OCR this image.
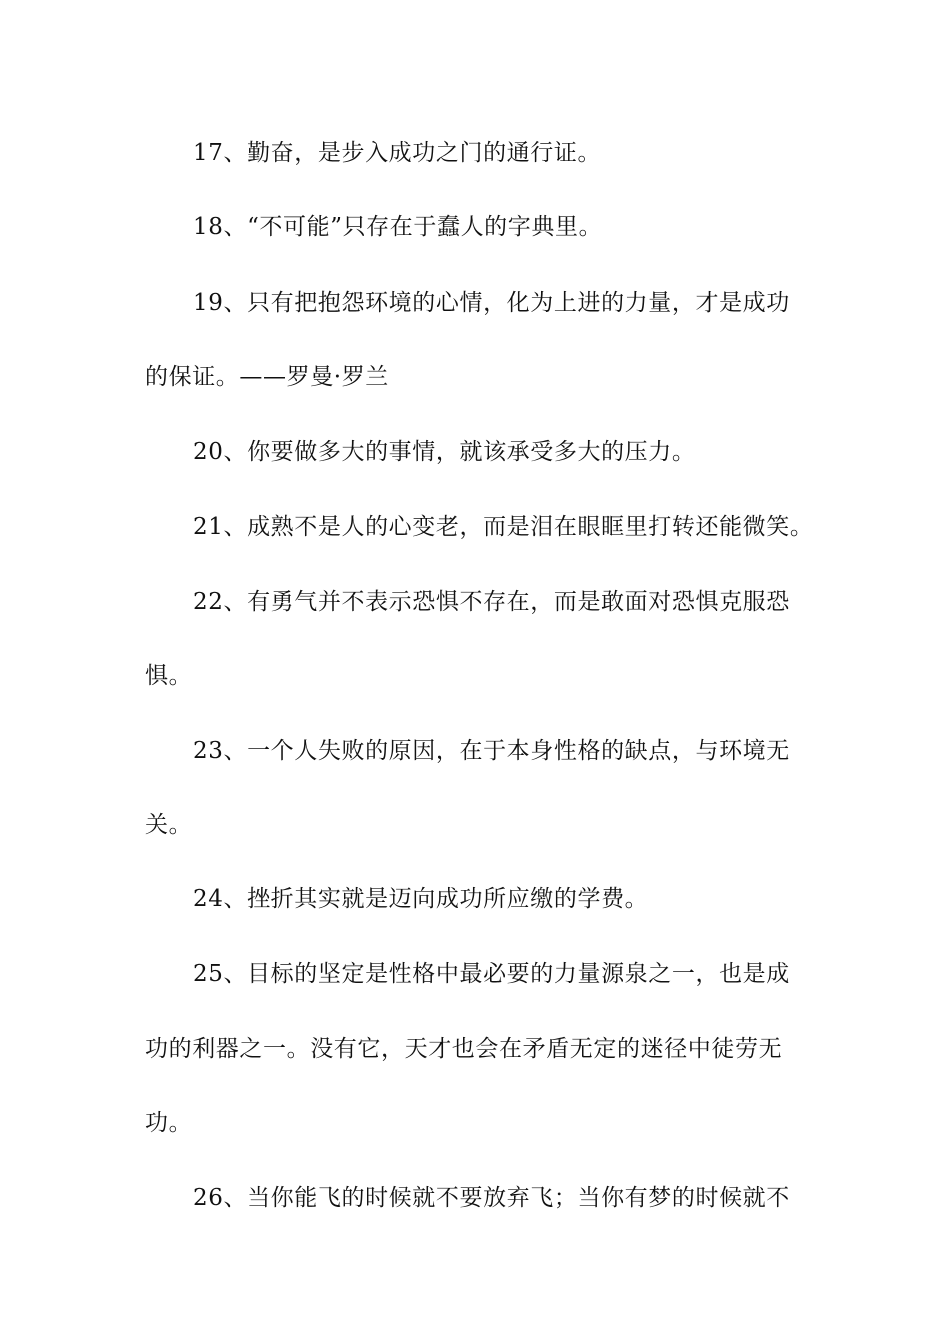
17、勤奋，是步入成功之门的通行证。
18、“不可能”只存在于蠢人的字典里。
19、只有把抱怨环境的心情，化为上进的力量，才是成功
的保证。——罗曼·罗兰
20、你要做多大的事情，就该承受多大的压力。
21、成熟不是人的心变老，而是泪在眼眶里打转还能微笑。
22、有勇气并不表示恐惧不存在，而是敢面对恐惧克服恐
惧。
23、一个人失败的原因，在于本身性格的缺点，与环境无
关。
24、挫折其实就是迈向成功所应缴的学费。
25、目标的坚定是性格中最必要的力量源泉之一，也是成
功的利器之一。没有它，天才也会在矛盾无定的迷径中徒劳无
功。
26、当你能飞的时候就不要放弃飞；当你有梦的时候就不
